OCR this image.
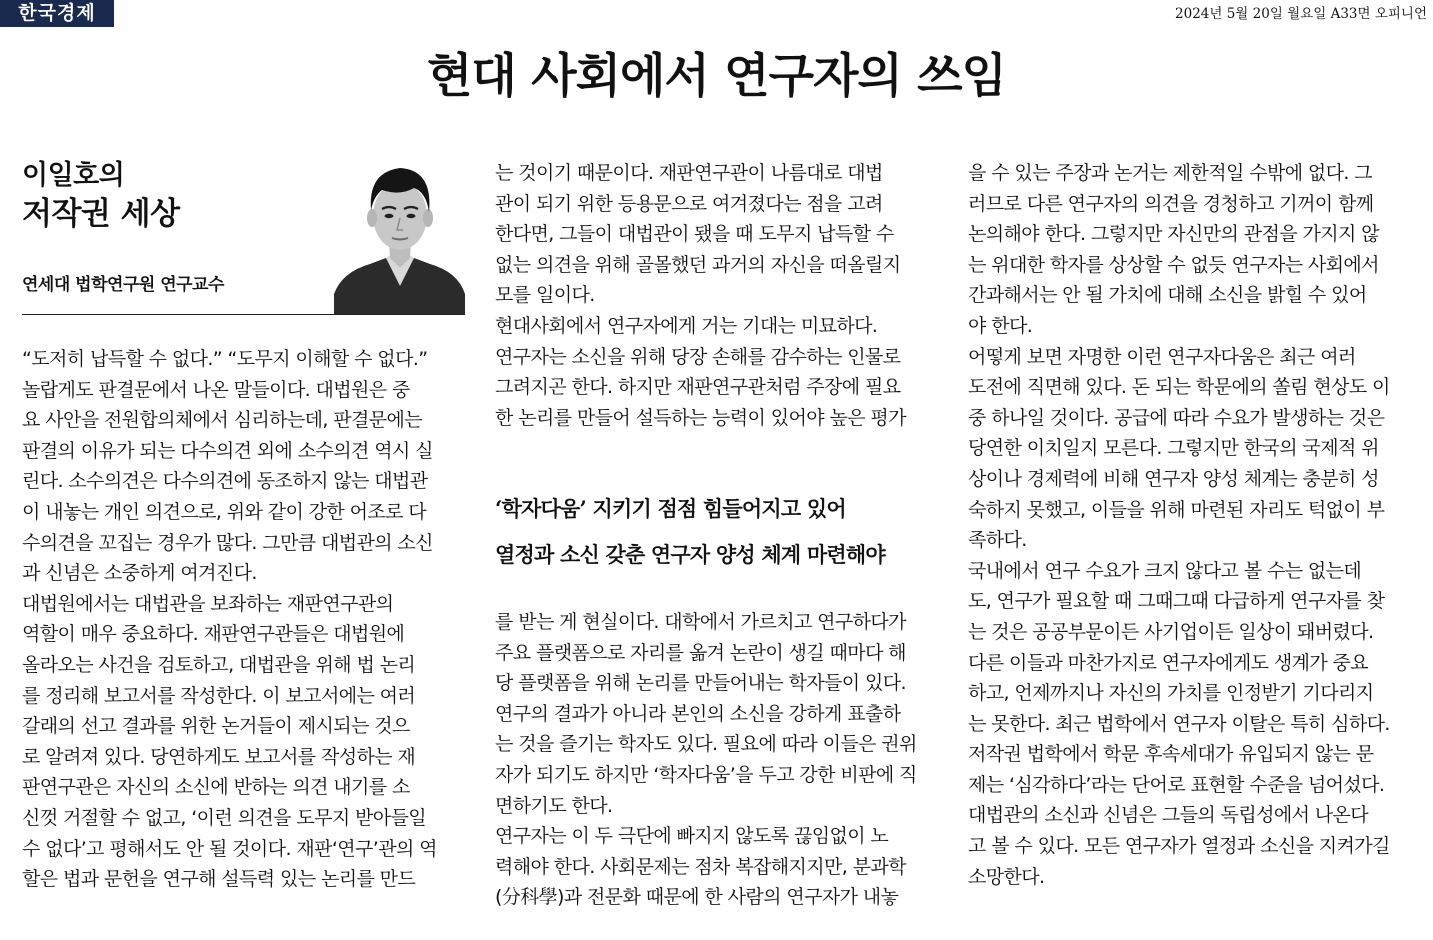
한국경제	2024년 5월 20일 월요일 A33면 오피니언
현대 사회에서 연구자의 쓰임
이일호의
저작권 세상
연세대 법학연구원 연구교수
“도저히 납득할 수 없다.” “도무지 이해할 수 없다.”
놀랍게도 판결문에서 나온 말들이다. 대법원은 중
요 사안을 전원합의체에서 심리하는데, 판결문에는
판결의 이유가 되는 다수의견 외에 소수의견 역시 실
린다. 소수의견은 다수의견에 동조하지 않는 대법관
이 내놓는 개인 의견으로, 위와 같이 강한 어조로 다
수의견을 꼬집는 경우가 많다. 그만큼 대법관의 소신
과 신념은 소중하게 여겨진다.
대법원에서는 대법관을 보좌하는 재판연구관의
역할이 매우 중요하다. 재판연구관들은 대법원에
올라오는 사건을 검토하고, 대법관을 위해 법 논리
를 정리해 보고서를 작성한다. 이 보고서에는 여러
갈래의 선고 결과를 위한 논거들이 제시되는 것으
로 알려져 있다. 당연하게도 보고서를 작성하는 재
판연구관은 자신의 소신에 반하는 의견 내기를 소
신껏 거절할 수 없고, ‘이런 의견을 도무지 받아들일
수 없다’고 평해서도 안 될 것이다. 재판‘연구’관의 역
할은 법과 문헌을 연구해 설득력 있는 논리를 만드
는 것이기 때문이다. 재판연구관이 나름대로 대법
관이 되기 위한 등용문으로 여겨졌다는 점을 고려
한다면, 그들이 대법관이 됐을 때 도무지 납득할 수
없는 의견을 위해 골몰했던 과거의 자신을 떠올릴지
모를 일이다.
현대사회에서 연구자에게 거는 기대는 미묘하다.
연구자는 소신을 위해 당장 손해를 감수하는 인물로
그려지곤 한다. 하지만 재판연구관처럼 주장에 필요
한 논리를 만들어 설득하는 능력이 있어야 높은 평가
‘학자다움’ 지키기 점점 힘들어지고 있어
열정과 소신 갖춘 연구자 양성 체계 마련해야
를 받는 게 현실이다. 대학에서 가르치고 연구하다가
주요 플랫폼으로 자리를 옮겨 논란이 생길 때마다 해
당 플랫폼을 위해 논리를 만들어내는 학자들이 있다.
연구의 결과가 아니라 본인의 소신을 강하게 표출하
는 것을 즐기는 학자도 있다. 필요에 따라 이들은 권위
자가 되기도 하지만 ‘학자다움’을 두고 강한 비판에 직
면하기도 한다.
연구자는 이 두 극단에 빠지지 않도록 끊임없이 노
력해야 한다. 사회문제는 점차 복잡해지지만, 분과학
(分科學)과 전문화 때문에 한 사람의 연구자가 내놓
을 수 있는 주장과 논거는 제한적일 수밖에 없다. 그
러므로 다른 연구자의 의견을 경청하고 기꺼이 함께
논의해야 한다. 그렇지만 자신만의 관점을 가지지 않
는 위대한 학자를 상상할 수 없듯 연구자는 사회에서
간과해서는 안 될 가치에 대해 소신을 밝힐 수 있어
야 한다.
어떻게 보면 자명한 이런 연구자다움은 최근 여러
도전에 직면해 있다. 돈 되는 학문에의 쏠림 현상도 이
중 하나일 것이다. 공급에 따라 수요가 발생하는 것은
당연한 이치일지 모른다. 그렇지만 한국의 국제적 위
상이나 경제력에 비해 연구자 양성 체계는 충분히 성
숙하지 못했고, 이들을 위해 마련된 자리도 턱없이 부
족하다.
국내에서 연구 수요가 크지 않다고 볼 수는 없는데
도, 연구가 필요할 때 그때그때 다급하게 연구자를 찾
는 것은 공공부문이든 사기업이든 일상이 돼버렸다.
다른 이들과 마찬가지로 연구자에게도 생계가 중요
하고, 언제까지나 자신의 가치를 인정받기 기다리지
는 못한다. 최근 법학에서 연구자 이탈은 특히 심하다.
저작권 법학에서 학문 후속세대가 유입되지 않는 문
제는 ‘심각하다’라는 단어로 표현할 수준을 넘어섰다.
대법관의 소신과 신념은 그들의 독립성에서 나온다
고 볼 수 있다. 모든 연구자가 열정과 소신을 지켜가길
소망한다.
